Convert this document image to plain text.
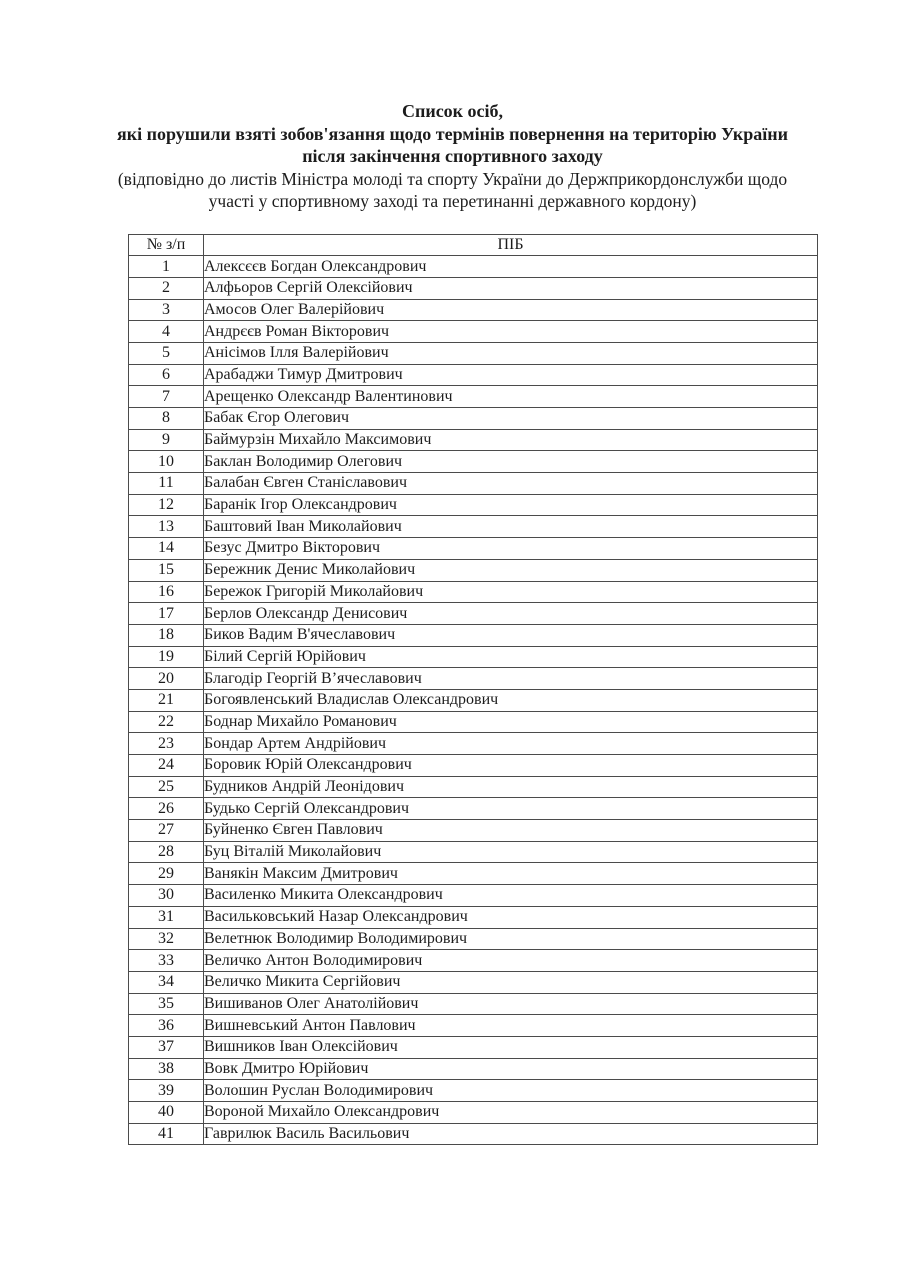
Список осіб,
які порушили взяті зобов'язання щодо термінів повернення на територію України
після закінчення спортивного заходу
(відповідно до листів Міністра молоді та спорту України до Держприкордонслужби щодо
участі у спортивному заході та перетинанні державного кордону)
№ з/п	ПІБ
1	Алексєєв Богдан Олександрович
2	Алфьоров Сергій Олексійович
3	Амосов Олег Валерійович
4	Андрєєв Роман Вікторович
5	Анісімов Ілля Валерійович
6	Арабаджи Тимур Дмитрович
7	Арещенко Олександр Валентинович
8	Бабак Єгор Олегович
9	Баймурзін Михайло Максимович
10	Баклан Володимир Олегович
11	Балабан Євген Станіславович
12	Баранік Ігор Олександрович
13	Баштовий Іван Миколайович
14	Безус Дмитро Вікторович
15	Бережник Денис Миколайович
16	Бережок Григорій Миколайович
17	Берлов Олександр Денисович
18	Биков Вадим В'ячеславович
19	Білий Сергій Юрійович
20	Благодір Георгій В’ячеславович
21	Богоявленський Владислав Олександрович
22	Боднар Михайло Романович
23	Бондар Артем Андрійович
24	Боровик Юрій Олександрович
25	Будников Андрій Леонідович
26	Будько Сергій Олександрович
27	Буйненко Євген Павлович
28	Буц Віталій Миколайович
29	Ванякін Максим Дмитрович
30	Василенко Микита Олександрович
31	Васильковський Назар Олександрович
32	Велетнюк Володимир Володимирович
33	Величко Антон Володимирович
34	Величко Микита Сергійович
35	Вишиванов Олег Анатолійович
36	Вишневський Антон Павлович
37	Вишников Іван Олексійович
38	Вовк Дмитро Юрійович
39	Волошин Руслан Володимирович
40	Вороной Михайло Олександрович
41	Гаврилюк Василь Васильович
